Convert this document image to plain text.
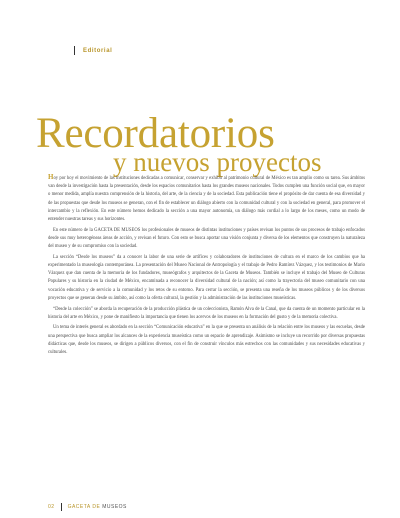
Editorial
Recordatorios
y nuevos proyectos

Hoy por hoy el movimiento de las instituciones dedicadas a comunicar, conservar y exhibir al patrimonio cultural de México es tan amplio como su tarea. Sus ámbitos van desde la investigación hasta la presentación, desde los espacios comunitarios hasta los grandes museos nacionales. Todos cumplen una función social que, en mayor o menor medida, amplía nuestra comprensión de la historia, del arte, de la ciencia y de la sociedad. Esta publicación tiene el propósito de dar cuenta de esa diversidad y de las propuestas que desde los museos se generan, con el fin de establecer un diálogo abierto con la comunidad cultural y con la sociedad en general, para promover el intercambio y la reflexión. En este número hemos dedicado la sección a una mayor autonomía, un diálogo más cordial a lo largo de los meses, como un modo de entender nuestras tareas y sus horizontes.

En este número de la GACETA DE MUSEOS los profesionales de museos de distintas instituciones y países revisan los puntos de sus procesos de trabajo enfocados desde sus muy heterogéneas áreas de acción, y revisan el futuro. Con esto se busca aportar una visión conjunta y diversa de los elementos que construyen la naturaleza del museo y de su compromiso con la sociedad.

La sección “Desde los museos” da a conocer la labor de una serie de artífices y colaboradores de instituciones de cultura en el marco de los cambios que ha experimentado la museología contemporánea. La presentación del Museo Nacional de Antropología y el trabajo de Pedro Ramírez Vázquez, y los testimonios de Mario Vázquez que dan cuenta de la memoria de los fundadores, museógrafos y arquitectos de la Gaceta de Museos. También se incluye el trabajo del Museo de Culturas Populares y su historia en la ciudad de México, encaminada a reconocer la diversidad cultural de la nación; así como la trayectoria del museo comunitario con una vocación educativa y de servicio a la comunidad y los retos de su entorno. Para cerrar la sección, se presenta una reseña de los museos públicos y de los diversos proyectos que se generan desde su ámbito, así como la oferta cultural, la gestión y la administración de las instituciones museísticas.

“Desde la colección” se aborda la recuperación de la producción plástica de un coleccionista, Ramón Alva de la Canal, que da cuenta de un momento particular en la historia del arte en México, y pone de manifiesto la importancia que tienen los acervos de los museos en la formación del gusto y de la memoria colectiva.

Un tema de interés general es abordado en la sección “Comunicación educativa” en la que se presenta un análisis de la relación entre los museos y las escuelas, desde una perspectiva que busca ampliar los alcances de la experiencia museística como un espacio de aprendizaje. Asimismo se incluye un recorrido por diversas propuestas didácticas que, desde los museos, se dirigen a públicos diversos, con el fin de construir vínculos más estrechos con las comunidades y sus necesidades educativas y culturales.

02	GACETA DE
MUSEOS
